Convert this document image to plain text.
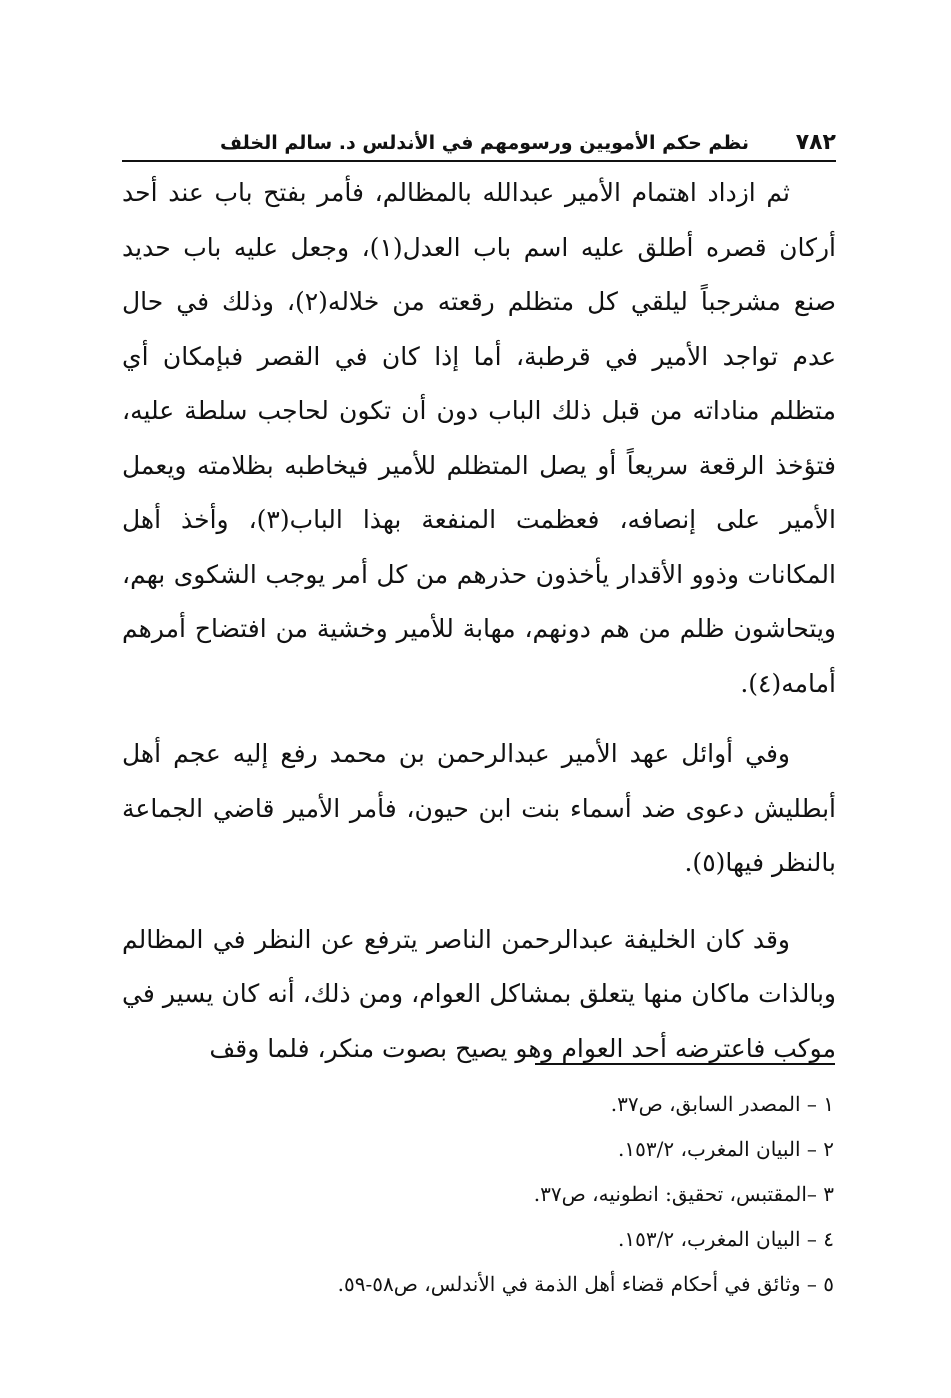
٧٨٢
نظم حكم الأمويين ورسومهم في الأندلس د. سالم الخلف

ثم ازداد اهتمام الأمير عبدالله بالمظالم، فأمر بفتح باب عند أحد أركان قصره أطلق عليه اسم باب العدل(١)، وجعل عليه باب حديد صنع مشرجباً ليلقي كل متظلم رقعته من خلاله(٢)، وذلك في حال عدم تواجد الأمير في قرطبة، أما إذا كان في القصر فبإمكان أي متظلم مناداته من قبل ذلك الباب دون أن تكون لحاجب سلطة عليه، فتؤخذ الرقعة سريعاً أو يصل المتظلم للأمير فيخاطبه بظلامته ويعمل الأمير على إنصافه، فعظمت المنفعة بهذا الباب(٣)، وأخذ أهل المكانات وذوو الأقدار يأخذون حذرهم من كل أمر يوجب الشكوى بهم، ويتحاشون ظلم من هم دونهم، مهابة للأمير وخشية من افتضاح أمرهم أمامه(٤).

وفي أوائل عهد الأمير عبدالرحمن بن محمد رفع إليه عجم أهل أبطليش دعوى ضد أسماء بنت ابن حيون، فأمر الأمير قاضي الجماعة بالنظر فيها(٥).

وقد كان الخليفة عبدالرحمن الناصر يترفع عن النظر في المظالم وبالذات ماكان منها يتعلق بمشاكل العوام، ومن ذلك، أنه كان يسير في موكب فاعترضه أحد العوام وهو يصيح بصوت منكر، فلما وقف

١ – المصدر السابق، ص٣٧.
٢ – البيان المغرب، ١٥٣/٢.
٣ –المقتبس، تحقيق: انطونيه، ص٣٧.
٤ – البيان المغرب، ١٥٣/٢.
٥ – وثائق في أحكام قضاء أهل الذمة في الأندلس، ص٥٨-٥٩.
